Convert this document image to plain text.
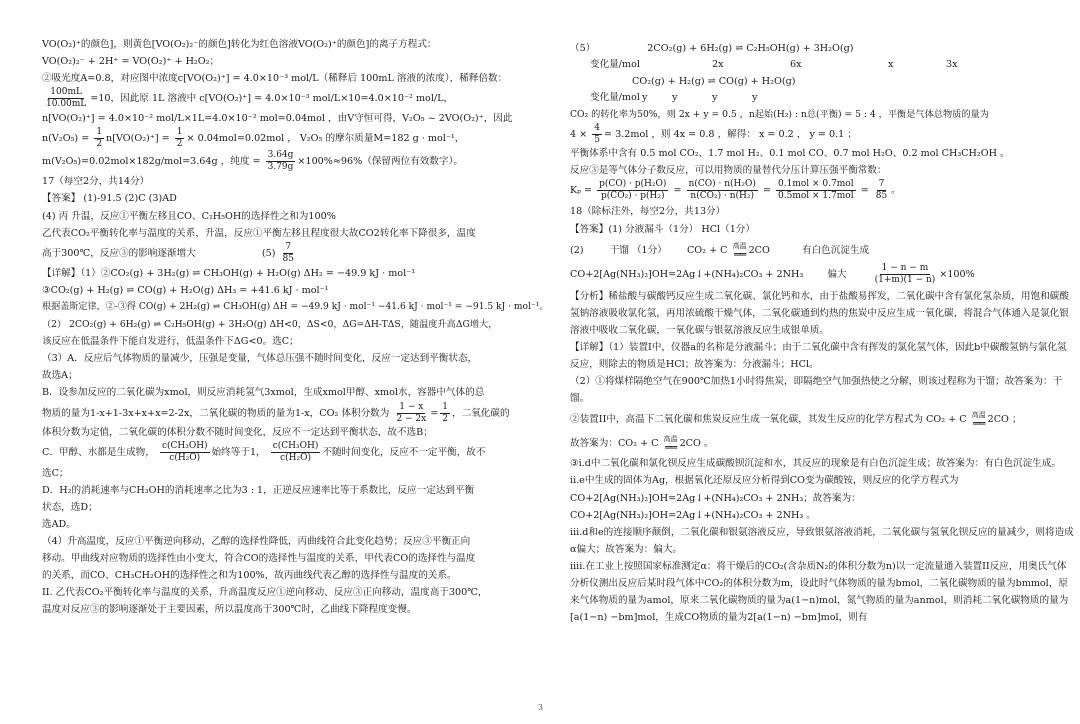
VO(O₂)⁺的颜色]，则黄色[VO(O₂)₂⁻的颜色]转化为红色溶液VO(O₂)⁺的颜色]的离子方程式：
VO(O₂)₂⁻ + 2H⁺ = VO(O₂)⁺ + H₂O₂；
②吸光度A=0.8，对应图中浓度c[VO(O₂)⁺] = 4.0×10⁻³ mol/L（稀释后 100mL 溶液的浓度），稀释倍数：
$\frac{100mL}{10.00mL} =10$，因此原 1L 溶液中 c[VO(O₂)⁺] = 4.0×10⁻³ mol/L×10=4.0×10⁻² mol/L，
n[VO(O₂)⁺] = 4.0×10⁻² mol/L×1L=4.0×10⁻² mol=0.04mol ，由V守恒可得，V₂O₅ ~ 2VO(O₂)⁺，因此
$n(V_2O_5) = \frac{1}{2} n[VO(O_2)^+] = \frac{1}{2} \times 0.04mol=0.02mol$ ， V₂O₅ 的摩尔质量M=182 g · mol⁻¹，
m(V₂O₅)=0.02mol×182g/mol=3.64g ，纯度 = $\frac{3.64g}{3.79g} \times 100\%\approx 96\%$（保留两位有效数字）。
17（每空2分，共14分）
【答案】 (1)-91.5 (2)C (3)AD
(4) 丙 升温，反应①平衡左移且CO、C₂H₅OH的选择性之和为100%
乙代表CO₂平衡转化率与温度的关系，升温，反应①平衡左移且程度很大故CO2转化率下降很多，温度
高于300℃，反应③的影响逐渐增大	$(5) \frac{7}{85}$
【详解】（1）②CO₂(g) + 3H₂(g) ⇌ CH₃OH(g) + H₂O(g) ΔH₂ = −49.9 kJ · mol⁻¹
③CO₂(g) + H₂(g) ⇌ CO(g) + H₂O(g) ΔH₃ = +41.6 kJ · mol⁻¹
根据盖斯定律，②-③得 CO(g) + 2H₂(g) ⇌ CH₃OH(g) ΔH = −49.9 kJ · mol⁻¹ −41.6 kJ · mol⁻¹ = −91.5 kJ · mol⁻¹。
（2） 2CO₂(g) + 6H₂(g) ⇌ C₂H₅OH(g) + 3H₂O(g) ΔH<0，ΔS<0，ΔG=ΔH-TΔS，随温度升高ΔG增大，
该反应在低温条件下能自发进行，低温条件下ΔG<0。选C；
（3）A．反应后气体物质的量减少，压强是变量，气体总压强不随时间变化，反应一定达到平衡状态，
故选A；
B．设参加反应的二氧化碳为xmol，则反应消耗氢气3xmol，生成xmol甲醇、xmol水，容器中气体的总
物质的量为1-x+1-3x+x+x=2-2x，二氧化碳的物质的量为1-x，CO₂ 体积分数为 $\frac{1 - x}{2 - 2x} = \frac{1}{2}$ ，二氧化碳的
体积分数为定值，二氧化碳的体积分数不随时间变化，反应不一定达到平衡状态，故不选B；
C．甲醇、水都是生成物， $\frac{\text{c(CH₃OH)}}{\text{c(H₂O)}}$ 始终等于1， $\frac{\text{c(CH₃OH)}}{\text{c(H₂O)}}$ 不随时间变化，反应不一定平衡，故不
选C；
D．H₂的消耗速率与CH₃OH的消耗速率之比为3 : 1，正逆反应速率比等于系数比，反应一定达到平衡
状态，选D；
选AD。
（4）升高温度，反应①平衡逆向移动，乙醇的选择性降低，丙曲线符合此变化趋势；反应③平衡正向
移动。甲曲线对应物质的选择性由小变大，符合CO的选择性与温度的关系，甲代表CO的选择性与温度
的关系，而CO、CH₃CH₂OH的选择性之和为100%，故丙曲线代表乙醇的选择性与温度的关系。
II. 乙代表CO₂平衡转化率与温度的关系，升高温度反应①逆向移动、反应③正向移动，温度高于300℃，
温度对反应③的影响逐渐处于主要因素，所以温度高于300℃时，乙曲线下降程度变慢。
（5）	2CO₂(g) + 6H₂(g) ⇌ C₂H₅OH(g) + 3H₂O(g)
变化量/mol	2x	6x	x	3x
CO₂(g) + H₂(g) ⇌ CO(g) + H₂O(g)
变化量/mol y	y	y	y
CO₂ 的转化率为50%，则 2x + y = 0.5 ，n起始(H₂) : n总(平衡) = 5 : 4 ，平衡是气体总物质的量为
$4 \times \frac{4}{5} = 3.2mol$ ，则 4x = 0.8 ，解得： x = 0.2 ， y = 0.1 ；
平衡体系中含有 0.5 mol CO₂、1.7 mol H₂、0.1 mol CO、0.7 mol H₂O、0.2 mol CH₃CH₂OH 。
反应③是等气体分子数反应，可以用物质的量替代分压计算压强平衡常数：
$K_p = \frac{\text{p(CO) · p(H₂O)}}{\text{p(CO₂) · p(H₂)}} = \frac{\text{n(CO) · n(H₂O)}}{\text{n(CO₂) · n(H₂)}} = \frac{\text{0.1mol × 0.7mol}}{\text{0.5mol × 1.7mol}} = \frac{7}{85}$ 。
18（除标注外，每空2分，共13分）
【答案】(1) 分液漏斗（1分） HCl（1分）
(2)	干馏 （1分） CO₂ + C 高温
══ 2CO	有白色沉淀生成
CO+2[Ag(NH₃)₂]OH=2Ag↓+(NH₄)₂CO₃ + 2NH₃	偏大	$\frac{1 - n - m}{(1+m)(1 - n)} \times 100\%$
【分析】稀盐酸与碳酸钙反应生成二氧化碳、氯化钙和水，由于盐酸易挥发，二氧化碳中含有氯化氢杂质，用饱和碳酸氢钠溶液吸收氯化氢，再用浓硫酸干燥气体，二氧化碳通到灼热的焦炭中反应生成一氧化碳，将混合气体通入是氯化银溶液中吸收二氧化碳，一氧化碳与银氨溶液反应生成银单质。
【详解】（1）装置I中，仪器a的名称是分液漏斗；由于二氧化碳中含有挥发的氯化氢气体，因此b中碳酸氢钠与氯化氢反应，则除去的物质是HCl；故答案为：分液漏斗；HCl。
（2）①将煤样隔绝空气在900℃加热1小时得焦炭，即隔绝空气加强热使之分解，则该过程称为干馏；故答案为：干馏。
②装置II中，高温下二氧化碳和焦炭反应生成一氧化碳，其发生反应的化学方程式为 CO₂ + C 高温
══ 2CO ；
故答案为：CO₂ + C 高温
══ 2CO 。
③i.d中二氧化碳和氯化钡反应生成碳酸钡沉淀和水，其反应的现象是有白色沉淀生成；故答案为：有白色沉淀生成。
ii.e中生成的固体为Ag，根据氧化还原反应分析得到CO变为碳酸铵，则反应的化学方程式为
CO+2[Ag(NH₃)₂]OH=2Ag↓+(NH₄)₂CO₃ + 2NH₃；故答案为：
CO+2[Ag(NH₃)₂]OH=2Ag↓+(NH₄)₂CO₃ + 2NH₃ 。
iii.d和e的连接顺序颠倒，二氧化碳和银氨溶液反应，导致银氨溶液消耗，二氧化碳与氢氧化钡反应的量减少，则将造成α偏大；故答案为：偏大。
iiii.在工业上按照国家标准测定α：将干燥后的CO₂(含杂质N₂的体积分数为n)以一定流量通入装置II反应，用奥氏气体分析仪测出反应后某时段气体中CO₂的体积分数为m，设此时气体物质的量为bmol，二氧化碳物质的量为bmmol，原来气体物质的量为amol，原来二氧化碳物质的量为a(1−n)mol，氮气物质的量为anmol，则消耗二氧化碳物质的量为[a(1−n) −bm]mol，生成CO物质的量为2[a(1−n) −bm]mol，则有
3
